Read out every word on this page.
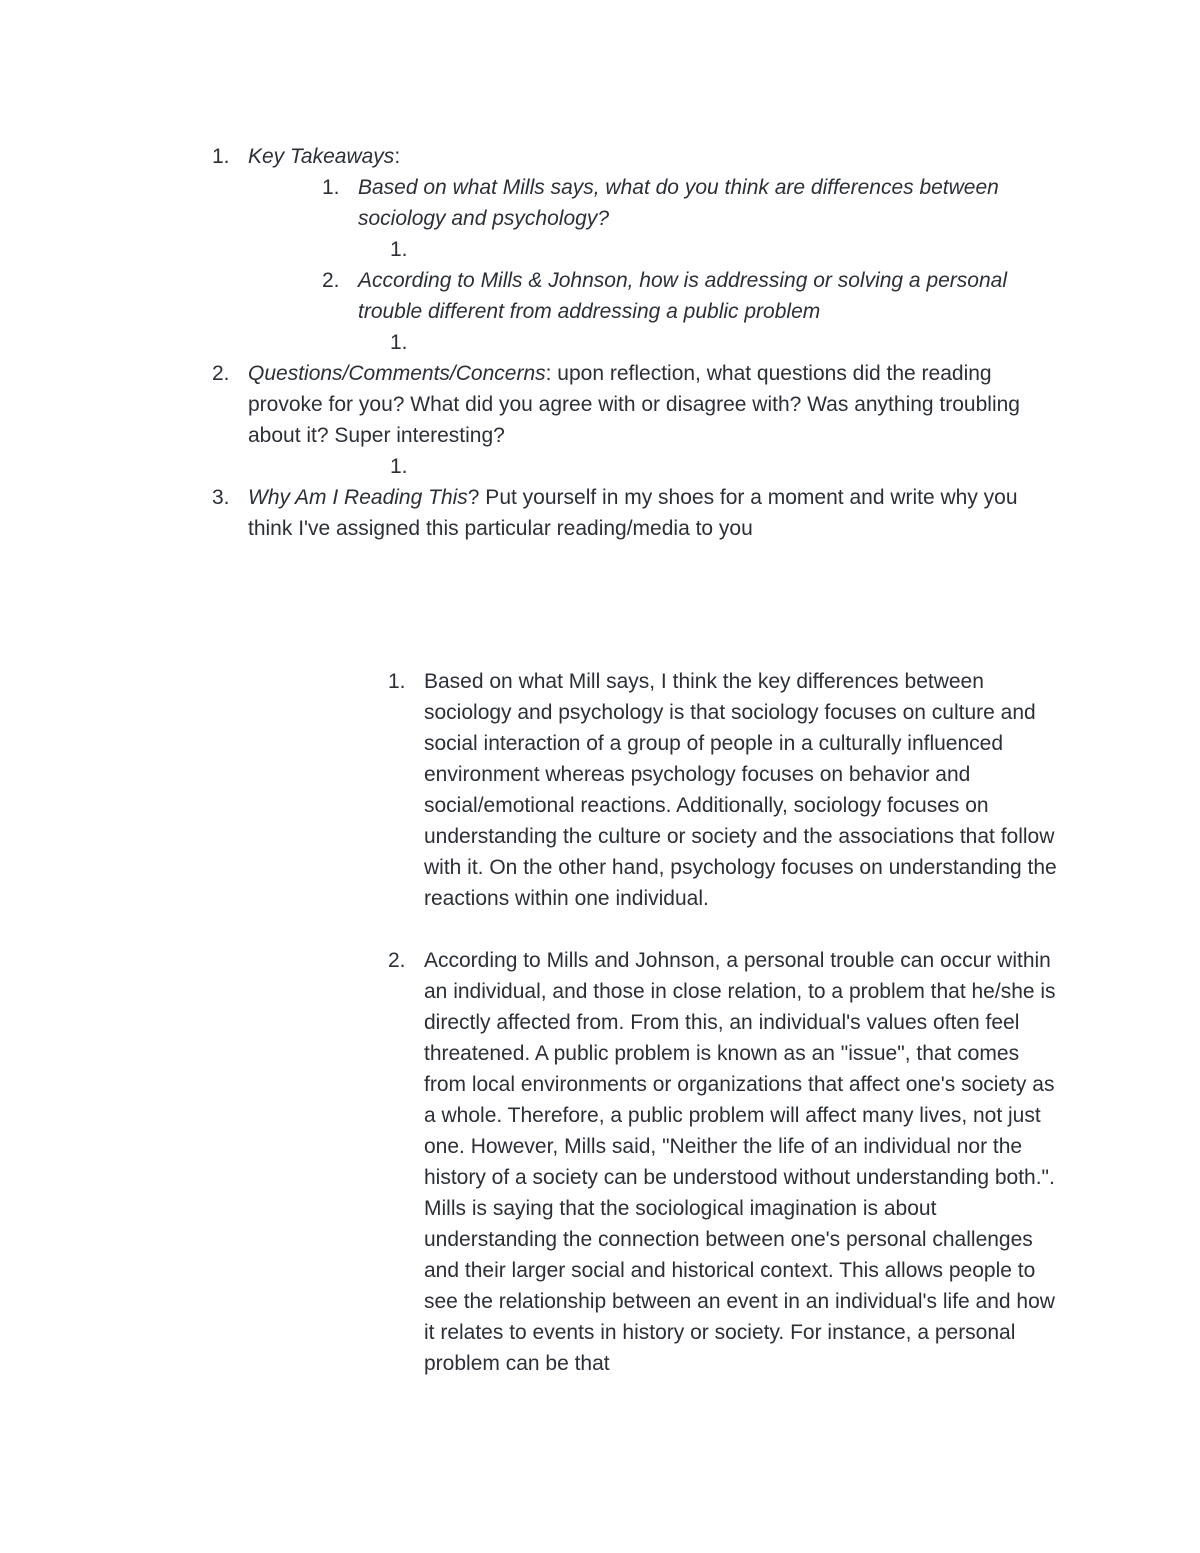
1. Key Takeaways:
1. Based on what Mills says, what do you think are differences between sociology and psychology?
1.
2. According to Mills & Johnson, how is addressing or solving a personal trouble different from addressing a public problem
1.
2. Questions/Comments/Concerns: upon reflection, what questions did the reading provoke for you? What did you agree with or disagree with? Was anything troubling about it? Super interesting?
1.
3. Why Am I Reading This? Put yourself in my shoes for a moment and write why you think I've assigned this particular reading/media to you
1. Based on what Mill says, I think the key differences between sociology and psychology is that sociology focuses on culture and social interaction of a group of people in a culturally influenced environment whereas psychology focuses on behavior and social/emotional reactions. Additionally, sociology focuses on understanding the culture or society and the associations that follow with it. On the other hand, psychology focuses on understanding the reactions within one individual.
2. According to Mills and Johnson, a personal trouble can occur within an individual, and those in close relation, to a problem that he/she is directly affected from. From this, an individual's values often feel threatened. A public problem is known as an "issue", that comes from local environments or organizations that affect one's society as a whole. Therefore, a public problem will affect many lives, not just one. However, Mills said, "Neither the life of an individual nor the history of a society can be understood without understanding both.". Mills is saying that the sociological imagination is about understanding the connection between one's personal challenges and their larger social and historical context. This allows people to see the relationship between an event in an individual's life and how it relates to events in history or society. For instance, a personal problem can be that
